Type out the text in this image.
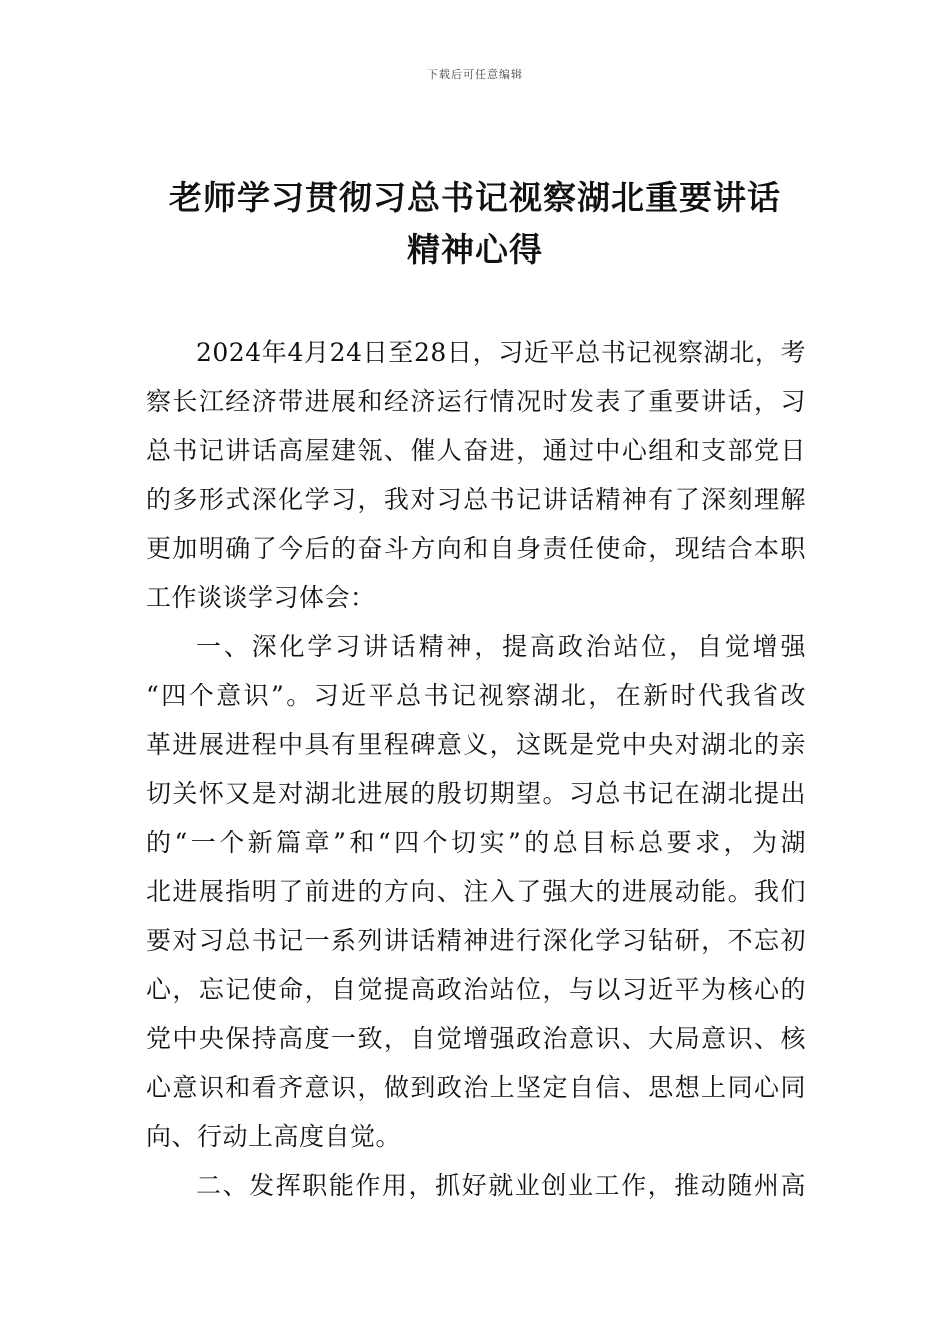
下载后可任意编辑
老师学习贯彻习总书记视察湖北重要讲话
精神心得
2024年4月24日至28日，习近平总书记视察湖北，考
察长江经济带进展和经济运行情况时发表了重要讲话，习
总书记讲话高屋建瓴、催人奋进，通过中心组和支部党日
的多形式深化学习，我对习总书记讲话精神有了深刻理解
更加明确了今后的奋斗方向和自身责任使命，现结合本职
工作谈谈学习体会：
一、深化学习讲话精神，提高政治站位，自觉增强
“四个意识”。习近平总书记视察湖北，在新时代我省改
革进展进程中具有里程碑意义，这既是党中央对湖北的亲
切关怀又是对湖北进展的殷切期望。习总书记在湖北提出
的“一个新篇章”和“四个切实”的总目标总要求，为湖
北进展指明了前进的方向、注入了强大的进展动能。我们
要对习总书记一系列讲话精神进行深化学习钻研，不忘初
心，忘记使命，自觉提高政治站位，与以习近平为核心的
党中央保持高度一致，自觉增强政治意识、大局意识、核
心意识和看齐意识，做到政治上坚定自信、思想上同心同
向、行动上高度自觉。
二、发挥职能作用，抓好就业创业工作，推动随州高
